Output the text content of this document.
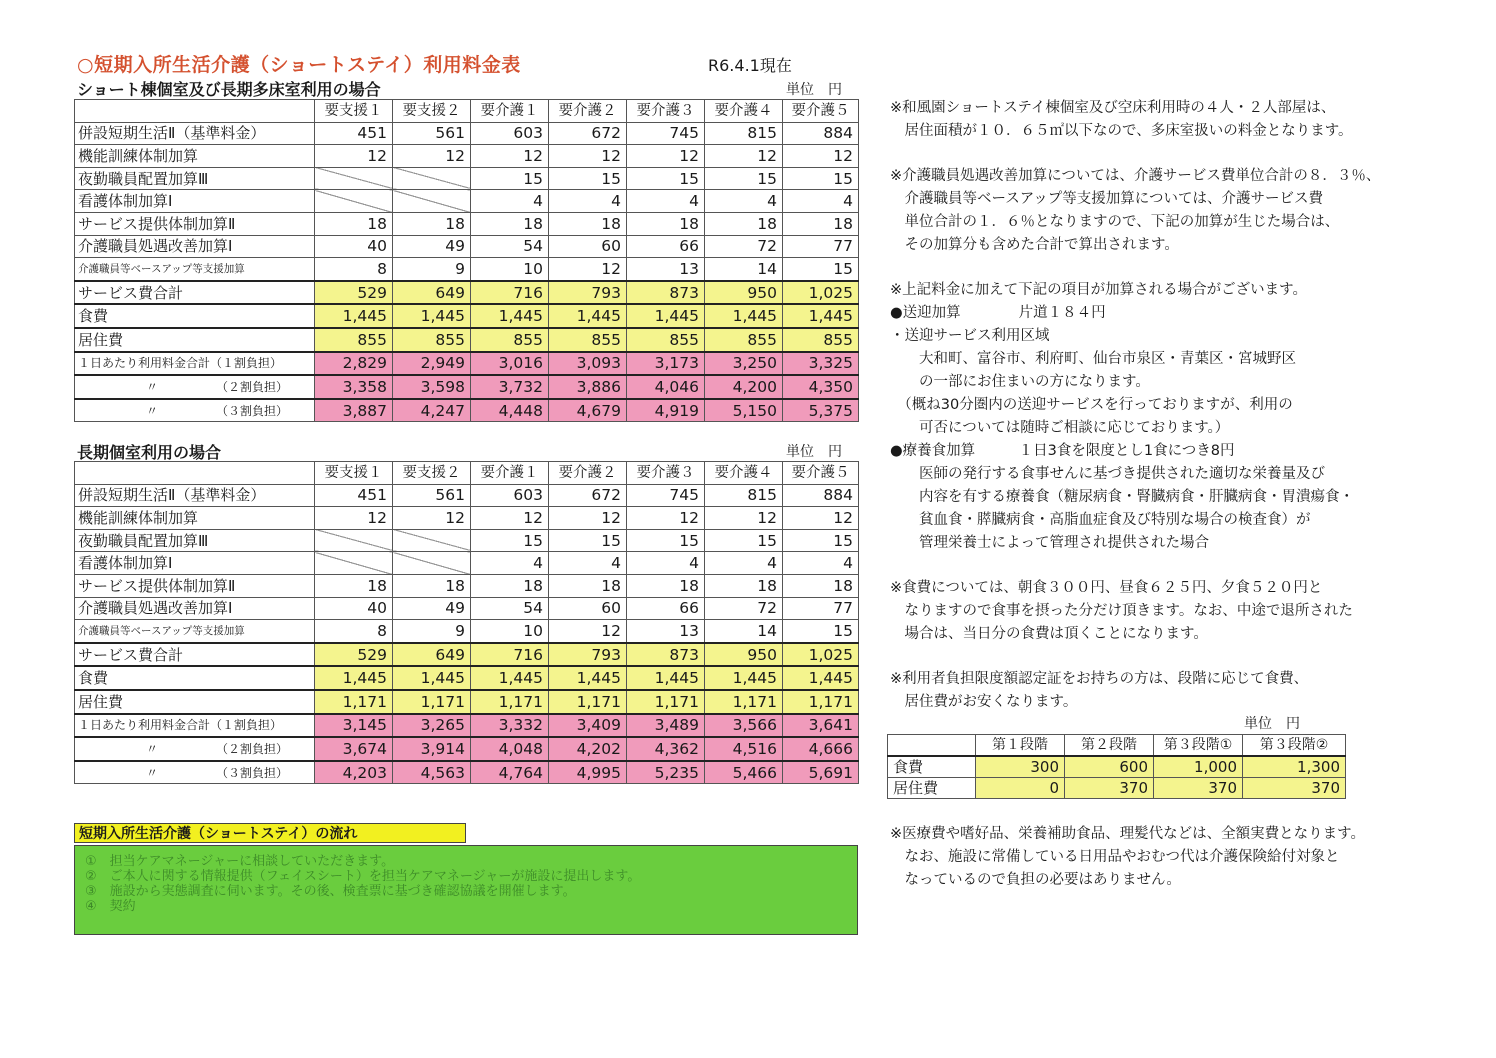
○短期入所生活介護（ショートステイ）利用料金表	R6.4.1現在
ショート棟個室及び長期多床室利用の場合	単位　円
	要支援１	要支援２	要介護１	要介護２	要介護３	要介護４	要介護５
併設短期生活Ⅱ（基準料金）	451	561	603	672	745	815	884
機能訓練体制加算	12	12	12	12	12	12	12
夜勤職員配置加算Ⅲ			15	15	15	15	15
看護体制加算Ⅰ			4	4	4	4	4
サービス提供体制加算Ⅱ	18	18	18	18	18	18	18
介護職員処遇改善加算Ⅰ	40	49	54	60	66	72	77
介護職員等ベースアップ等支援加算	8	9	10	12	13	14	15
サービス費合計	529	649	716	793	873	950	1,025
食費	1,445	1,445	1,445	1,445	1,445	1,445	1,445
居住費	855	855	855	855	855	855	855
１日あたり利用料金合計（１割負担）	2,829	2,949	3,016	3,093	3,173	3,250	3,325
〃 （２割負担）	3,358	3,598	3,732	3,886	4,046	4,200	4,350
〃 （３割負担）	3,887	4,247	4,448	4,679	4,919	5,150	5,375
長期個室利用の場合	単位　円
	要支援１	要支援２	要介護１	要介護２	要介護３	要介護４	要介護５
併設短期生活Ⅱ（基準料金）	451	561	603	672	745	815	884
機能訓練体制加算	12	12	12	12	12	12	12
夜勤職員配置加算Ⅲ			15	15	15	15	15
看護体制加算Ⅰ			4	4	4	4	4
サービス提供体制加算Ⅱ	18	18	18	18	18	18	18
介護職員処遇改善加算Ⅰ	40	49	54	60	66	72	77
介護職員等ベースアップ等支援加算	8	9	10	12	13	14	15
サービス費合計	529	649	716	793	873	950	1,025
食費	1,445	1,445	1,445	1,445	1,445	1,445	1,445
居住費	1,171	1,171	1,171	1,171	1,171	1,171	1,171
１日あたり利用料金合計（１割負担）	3,145	3,265	3,332	3,409	3,489	3,566	3,641
〃 （２割負担）	3,674	3,914	4,048	4,202	4,362	4,516	4,666
〃 （３割負担）	4,203	4,563	4,764	4,995	5,235	5,466	5,691
短期入所生活介護（ショートステイ）の流れ
①　担当ケアマネージャーに相談していただきます。
②　ご本人に関する情報提供（フェイスシート）を担当ケアマネージャーが施設に提出します。
③　施設から実態調査に伺います。その後、検査票に基づき確認協議を開催します。
④　契約

※和風園ショートステイ棟個室及び空床利用時の４人・２人部屋は、

　居住面積が１０．６５㎡以下なので、多床室扱いの料金となります。

※介護職員処遇改善加算については、介護サービス費単位合計の８．３％、

　介護職員等ベースアップ等支援加算については、介護サービス費

　単位合計の１．６％となりますので、下記の加算が生じた場合は、

　その加算分も含めた合計で算出されます。

※上記料金に加えて下記の項目が加算される場合がございます。

●送迎加算　　　　片道１８４円

・送迎サービス利用区域

　　大和町、富谷市、利府町、仙台市泉区・青葉区・宮城野区

　　の一部にお住まいの方になります。

　（概ね30分圏内の送迎サービスを行っておりますが、利用の

　　可否については随時ご相談に応じております。）

●療養食加算　　　１日3食を限度とし1食につき8円

　　医師の発行する食事せんに基づき提供された適切な栄養量及び

　　内容を有する療養食（糖尿病食・腎臓病食・肝臓病食・胃潰瘍食・

　　貧血食・膵臓病食・高脂血症食及び特別な場合の検査食）が

　　管理栄養士によって管理され提供された場合

※食費については、朝食３００円、昼食６２５円、夕食５２０円と

　なりますので食事を摂った分だけ頂きます。なお、中途で退所された

　場合は、当日分の食費は頂くことになります。

※利用者負担限度額認定証をお持ちの方は、段階に応じて食費、

　居住費がお安くなります。

単位　円
	第１段階	第２段階	第３段階①	第３段階②
食費	300	600	1,000	1,300
居住費	0	370	370	370

※医療費や嗜好品、栄養補助食品、理髪代などは、全額実費となります。

　なお、施設に常備している日用品やおむつ代は介護保険給付対象と

　なっているので負担の必要はありません。
